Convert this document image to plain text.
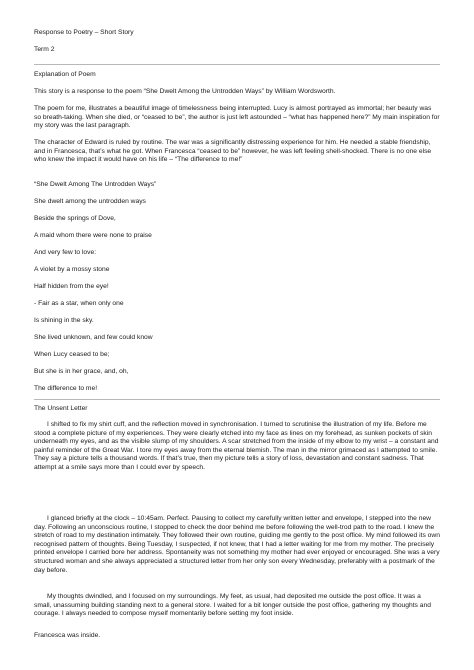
Response to Poetry – Short Story

Term 2

Explanation of Poem

This story is a response to the poem “She Dwelt Among the Untrodden Ways” by William Wordsworth.

The poem for me, illustrates a beautiful image of timelessness being interrupted. Lucy is almost portrayed as immortal; her beauty was so breath-taking. When she died, or “ceased to be”, the author is just left astounded – “what has happened here?” My main inspiration for my story was the last paragraph.

The character of Edward is ruled by routine. The war was a significantly distressing experience for him. He needed a stable friendship, and in Francesca, that’s what he got. When Francesca “ceased to be” however, he was left feeling shell-shocked. There is no one else who knew the impact it would have on his life – “The difference to me!”

“She Dwelt Among The Untrodden Ways”

She dwelt among the untrodden ways

Beside the springs of Dove,

A maid whom there were none to praise

And very few to love:

A violet by a mossy stone

Half hidden from the eye!

- Fair as a star, when only one

Is shining in the sky.

She lived unknown, and few could know

When Lucy ceased to be;

But she is in her grace, and, oh,

The difference to me!

The Unsent Letter

I shifted to fix my shirt cuff, and the reflection moved in synchronisation. I turned to scrutinise the illustration of my life. Before me stood a complete picture of my experiences. They were clearly etched into my face as lines on my forehead, as sunken pockets of skin underneath my eyes, and as the visible slump of my shoulders. A scar stretched from the inside of my elbow to my wrist – a constant and painful reminder of the Great War. I tore my eyes away from the eternal blemish. The man in the mirror grimaced as I attempted to smile. They say a picture tells a thousand words. If that’s true, then my picture tells a story of loss, devastation and constant sadness. That attempt at a smile says more than I could ever by speech.

I glanced briefly at the clock – 10:45am. Perfect. Pausing to collect my carefully written letter and envelope, I stepped into the new day. Following an unconscious routine, I stopped to check the door behind me before following the well-trod path to the road. I knew the stretch of road to my destination intimately. They followed their own routine, guiding me gently to the post office. My mind followed its own recognised pattern of thoughts. Being Tuesday, I suspected, if not knew, that I had a letter waiting for me from my mother. The precisely printed envelope I carried bore her address. Spontaneity was not something my mother had ever enjoyed or encouraged. She was a very structured woman and she always appreciated a structured letter from her only son every Wednesday, preferably with a postmark of the day before.

My thoughts dwindled, and I focused on my surroundings. My feet, as usual, had deposited me outside the post office. It was a small, unassuming building standing next to a general store. I waited for a bit longer outside the post office, gathering my thoughts and courage. I always needed to compose myself momentarily before setting my foot inside.

Francesca was inside.
